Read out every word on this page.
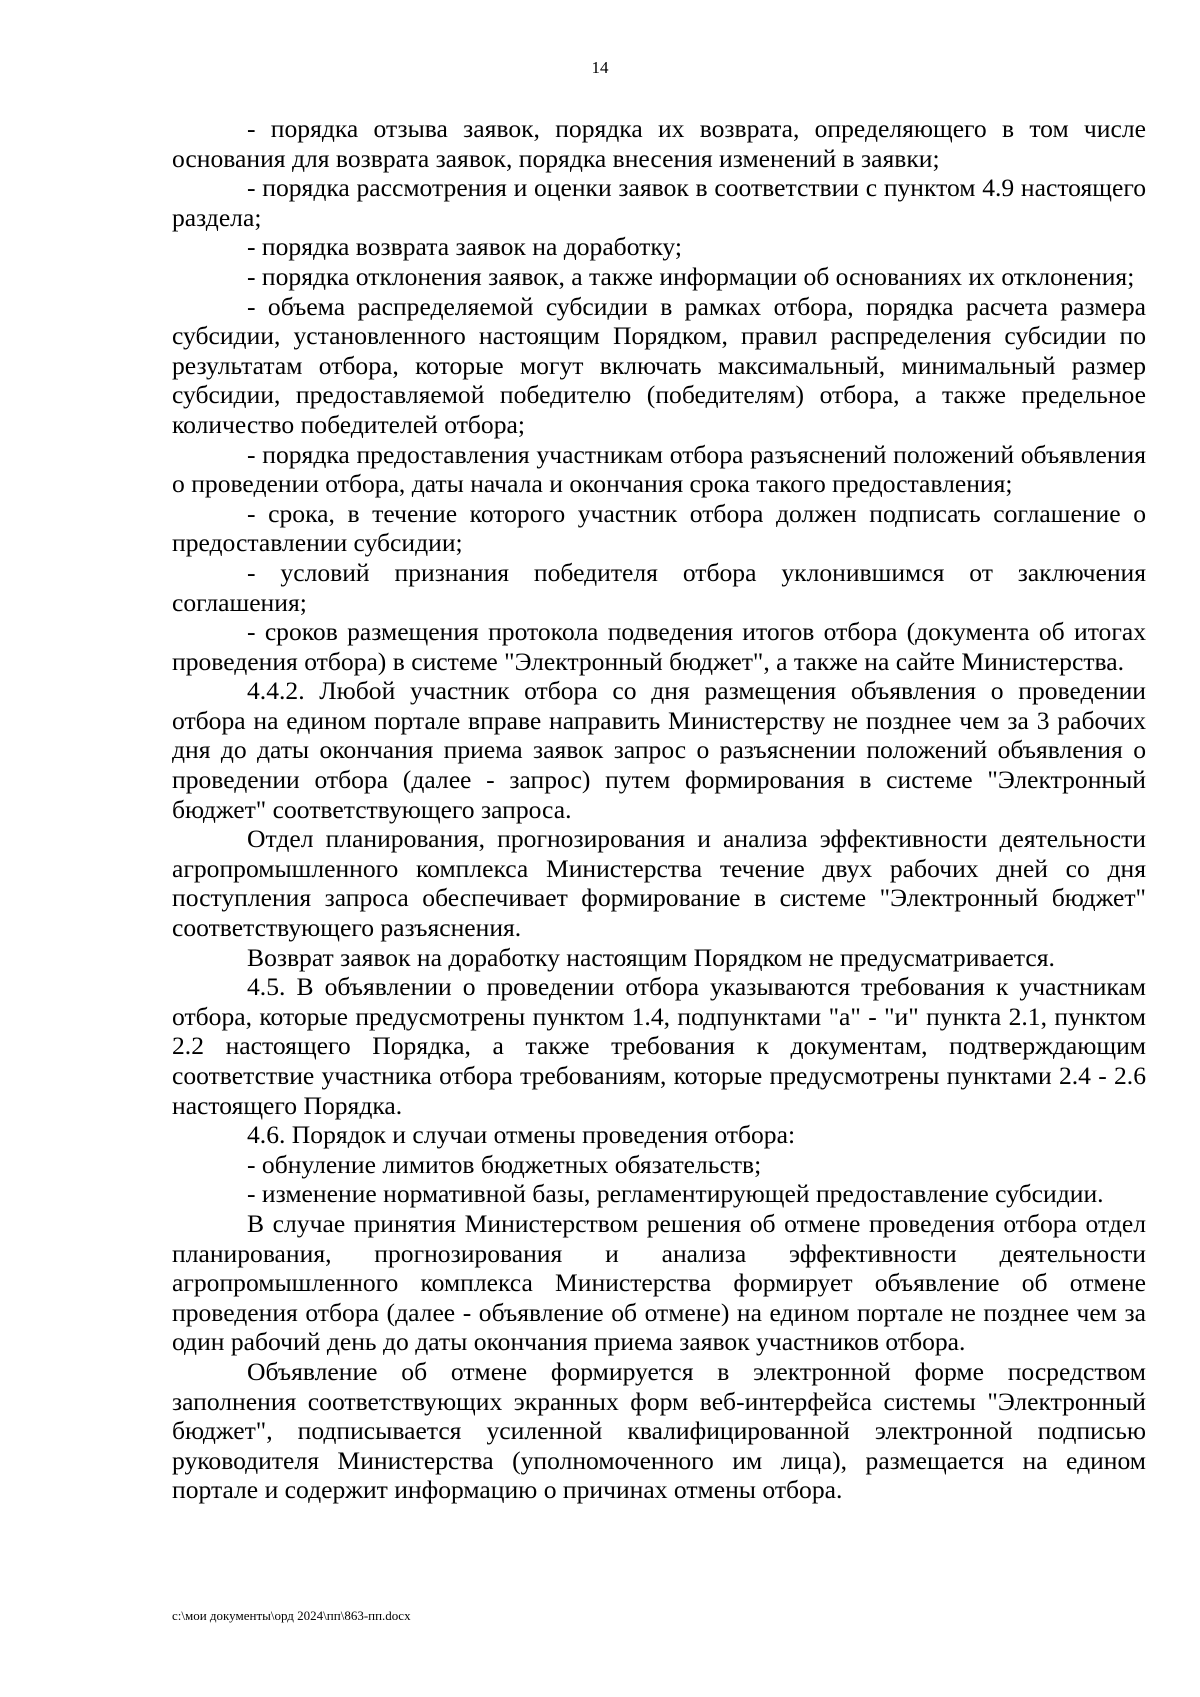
14

- порядка отзыва заявок, порядка их возврата, определяющего в том числе основания для возврата заявок, порядка внесения изменений в заявки;

- порядка рассмотрения и оценки заявок в соответствии с пунктом 4.9 настоящего раздела;

- порядка возврата заявок на доработку;

- порядка отклонения заявок, а также информации об основаниях их отклонения;

- объема распределяемой субсидии в рамках отбора, порядка расчета размера субсидии, установленного настоящим Порядком, правил распределения субсидии по результатам отбора, которые могут включать максимальный, минимальный размер субсидии, предоставляемой победителю (победителям) отбора, а также предельное количество победителей отбора;

- порядка предоставления участникам отбора разъяснений положений объявления о проведении отбора, даты начала и окончания срока такого предоставления;

- срока, в течение которого участник отбора должен подписать соглашение о предоставлении субсидии;

- условий признания победителя отбора уклонившимся от заключения соглашения;

- сроков размещения протокола подведения итогов отбора (документа об итогах проведения отбора) в системе "Электронный бюджет", а также на сайте Министерства.

4.4.2. Любой участник отбора со дня размещения объявления о проведении отбора на едином портале вправе направить Министерству не позднее чем за 3 рабочих дня до даты окончания приема заявок запрос о разъяснении положений объявления о проведении отбора (далее - запрос) путем формирования в системе "Электронный бюджет" соответствующего запроса.

Отдел планирования, прогнозирования и анализа эффективности деятельности агропромышленного комплекса Министерства течение двух рабочих дней со дня поступления запроса обеспечивает формирование в системе "Электронный бюджет" соответствующего разъяснения.

Возврат заявок на доработку настоящим Порядком не предусматривается.

4.5. В объявлении о проведении отбора указываются требования к участникам отбора, которые предусмотрены пунктом 1.4, подпунктами "а" - "и" пункта 2.1, пунктом 2.2 настоящего Порядка, а также требования к документам, подтверждающим соответствие участника отбора требованиям, которые предусмотрены пунктами 2.4 - 2.6 настоящего Порядка.

4.6. Порядок и случаи отмены проведения отбора:

- обнуление лимитов бюджетных обязательств;

- изменение нормативной базы, регламентирующей предоставление субсидии.

В случае принятия Министерством решения об отмене проведения отбора отдел планирования, прогнозирования и анализа эффективности деятельности агропромышленного комплекса Министерства формирует объявление об отмене проведения отбора (далее - объявление об отмене) на едином портале не позднее чем за один рабочий день до даты окончания приема заявок участников отбора.

Объявление об отмене формируется в электронной форме посредством заполнения соответствующих экранных форм веб-интерфейса системы "Электронный бюджет", подписывается усиленной квалифицированной электронной подписью руководителя Министерства (уполномоченного им лица), размещается на едином портале и содержит информацию о причинах отмены отбора.

c:\мои документы\орд 2024\пп\863-пп.docx
